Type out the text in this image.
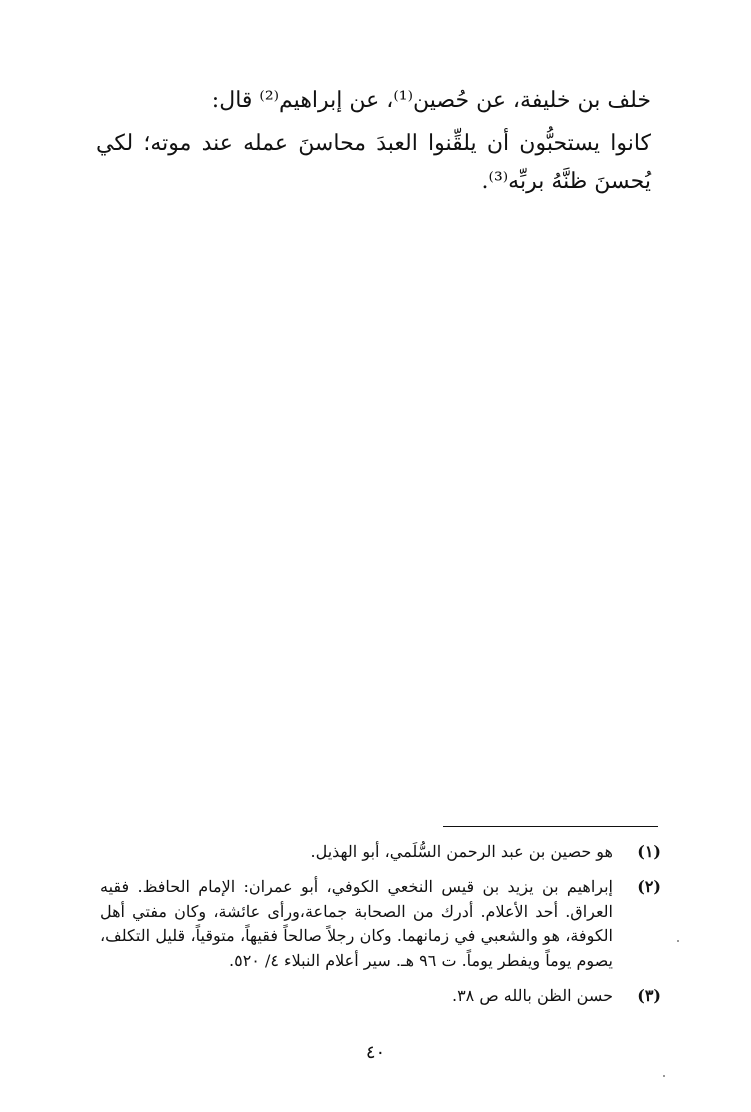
خلف بن خليفة، عن حُصين⁽¹⁾، عن إبراهيم⁽²⁾ قال:

كانوا يستحبُّون أن يلقِّنوا العبدَ محاسنَ عمله عند موته؛ لكي يُحسنَ ظنَّهُ بربِّه⁽³⁾.

(١)
هو حصين بن عبد الرحمن السُّلَمي، أبو الهذيل.
(٢)
إبراهيم بن يزيد بن قيس النخعي الكوفي، أبو عمران: الإمام الحافظ. فقيه العراق. أحد الأعلام. أدرك من الصحابة جماعة،ورأى عائشة، وكان مفتي أهل الكوفة، هو والشعبي في زمانهما. وكان رجلاً صالحاً فقيهاً، متوقياً، قليل التكلف، يصوم يوماً ويفطر يوماً. ت ٩٦ هـ. سير أعلام النبلاء ٤/ ٥٢٠.
(٣)
حسن الظن بالله ص ٣٨.
٤٠
